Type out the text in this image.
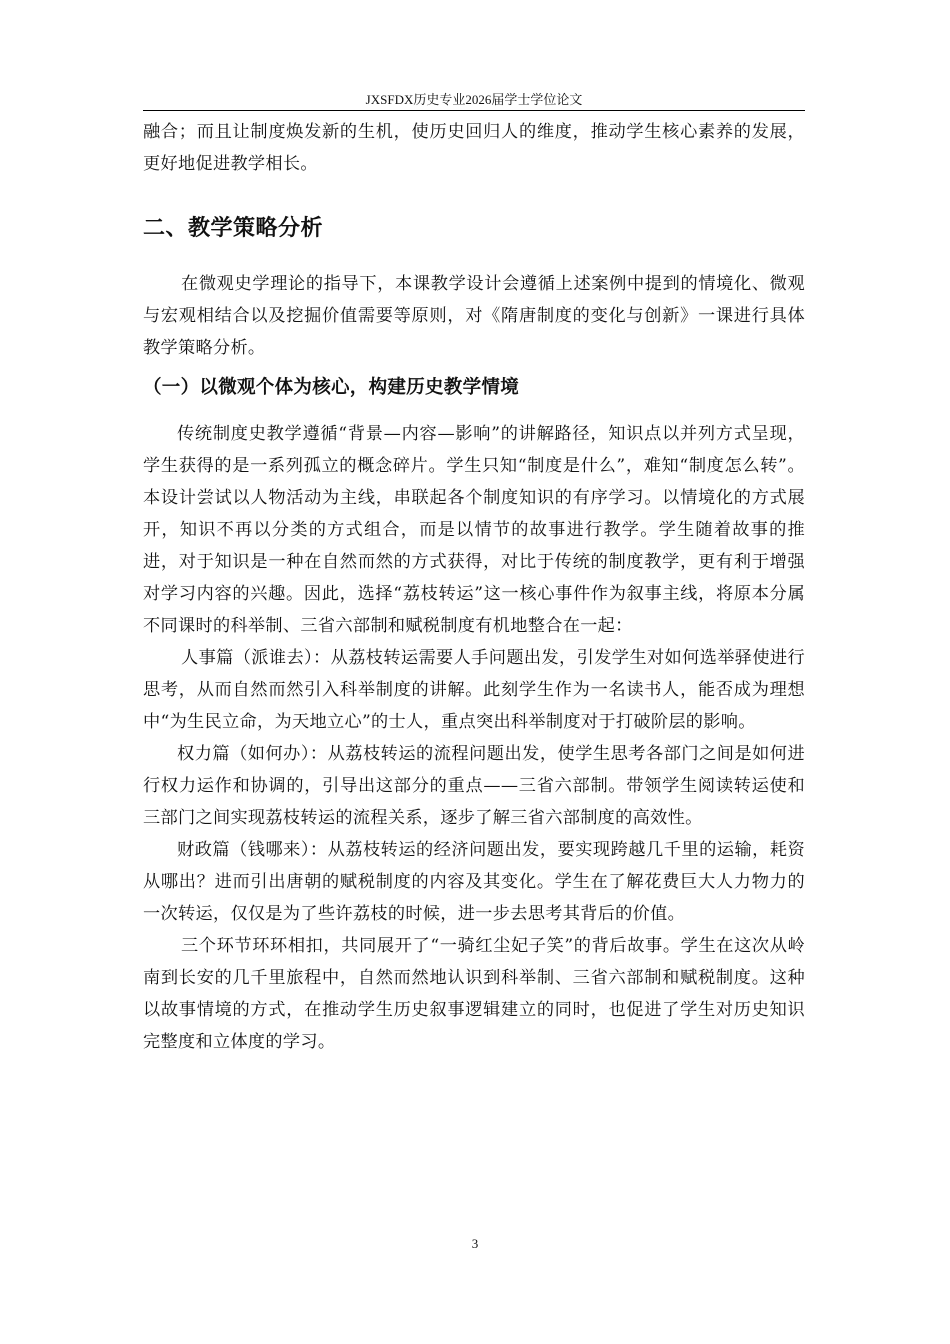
JXSFDX历史专业2026届学士学位论文

融合；而且让制度焕发新的生机，使历史回归人的维度，推动学生核心素养的发展，更好地促进教学相长。

二、教学策略分析

在微观史学理论的指导下，本课教学设计会遵循上述案例中提到的情境化、微观与宏观相结合以及挖掘价值需要等原则，对《隋唐制度的变化与创新》一课进行具体教学策略分析。

（一）以微观个体为核心，构建历史教学情境

传统制度史教学遵循“背景—内容—影响”的讲解路径，知识点以并列方式呈现，学生获得的是一系列孤立的概念碎片。学生只知“制度是什么”，难知“制度怎么转”。本设计尝试以人物活动为主线，串联起各个制度知识的有序学习。以情境化的方式展开，知识不再以分类的方式组合，而是以情节的故事进行教学。学生随着故事的推进，对于知识是一种在自然而然的方式获得，对比于传统的制度教学，更有利于增强对学习内容的兴趣。因此，选择“荔枝转运”这一核心事件作为叙事主线，将原本分属不同课时的科举制、三省六部制和赋税制度有机地整合在一起：

人事篇（派谁去）：从荔枝转运需要人手问题出发，引发学生对如何选举驿使进行思考，从而自然而然引入科举制度的讲解。此刻学生作为一名读书人，能否成为理想中“为生民立命，为天地立心”的士人，重点突出科举制度对于打破阶层的影响。

权力篇（如何办）：从荔枝转运的流程问题出发，使学生思考各部门之间是如何进行权力运作和协调的，引导出这部分的重点——三省六部制。带领学生阅读转运使和三部门之间实现荔枝转运的流程关系，逐步了解三省六部制度的高效性。

财政篇（钱哪来）：从荔枝转运的经济问题出发，要实现跨越几千里的运输，耗资从哪出？进而引出唐朝的赋税制度的内容及其变化。学生在了解花费巨大人力物力的一次转运，仅仅是为了些许荔枝的时候，进一步去思考其背后的价值。

三个环节环环相扣，共同展开了“一骑红尘妃子笑”的背后故事。学生在这次从岭南到长安的几千里旅程中，自然而然地认识到科举制、三省六部制和赋税制度。这种以故事情境的方式，在推动学生历史叙事逻辑建立的同时，也促进了学生对历史知识完整度和立体度的学习。

3
